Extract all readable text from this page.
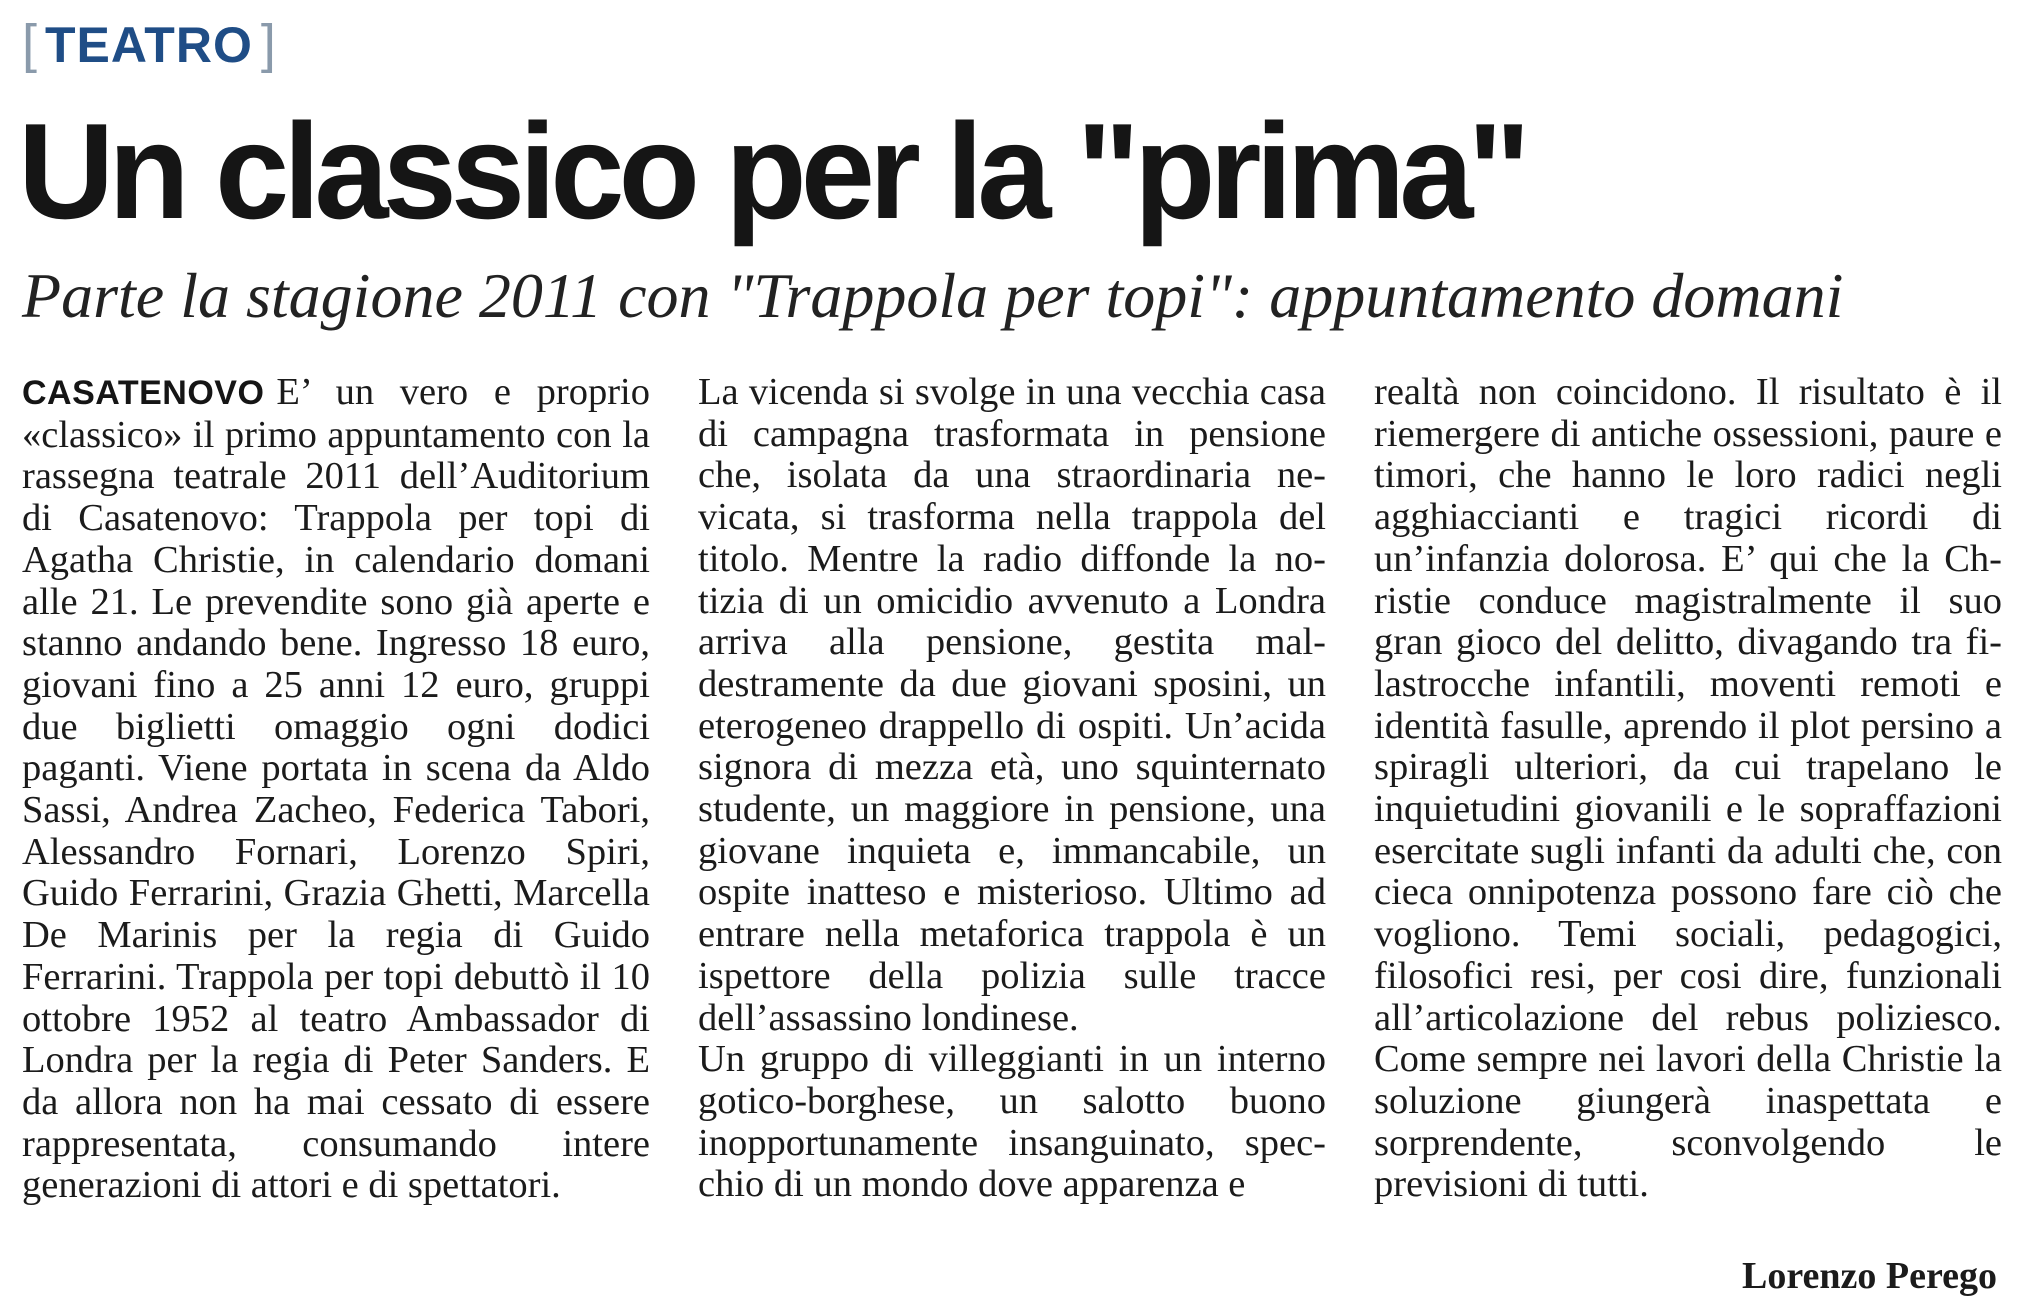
[ TEATRO ]
Un classico per la "prima"
Parte la stagione 2011 con "Trappola per topi": appuntamento domani

CASATENOVO E’ un vero e proprio «classico» il primo appuntamento con la rassegna teatrale 2011 dell’Auditorium di Casatenovo: Trappola per topi di Agatha Christie, in calendario domani alle 21. Le prevendite sono già aperte e stanno andando bene. Ingresso 18 euro, giovani fino a 25 anni 12 euro, gruppi due biglietti omaggio ogni dodici paganti. Viene portata in scena da Aldo Sassi, Andrea Zacheo, Federica Tabori, Alessandro Fornari, Lorenzo Spiri, Guido Ferrarini, Grazia Ghetti, Marcella De Marinis per la regia di Guido Ferrarini. Trappola per topi debuttò il 10 ottobre 1952 al teatro Ambassador di Londra per la regia di Peter Sanders. E da allora non ha mai cessato di essere rappresentata, consumando intere generazioni di attori e di spettatori.

La vicenda si svolge in una vecchia casa di campagna trasformata in pensione che, isolata da una straordinaria nevicata, si trasforma nella trappola del titolo. Mentre la radio diffonde la notizia di un omicidio avvenuto a Londra arriva alla pensione, gestita maldestramente da due giovani sposini, un eterogeneo drappello di ospiti. Un’acida signora di mezza età, uno squinternato studente, un maggiore in pensione, una giovane inquieta e, immancabile, un ospite inatteso e misterioso. Ultimo ad entrare nella metaforica trappola è un ispettore della polizia sulle tracce dell’assassino londinese.

Un gruppo di villeggianti in un interno gotico-borghese, un salotto buono inopportunamente insanguinato, specchio di un mondo dove apparenza e

realtà non coincidono. Il risultato è il riemergere di antiche ossessioni, paure e timori, che hanno le loro radici negli agghiaccianti e tragici ricordi di un’infanzia dolorosa. E’ qui che la Christie conduce magistralmente il suo gran gioco del delitto, divagando tra filastrocche infantili, moventi remoti e identità fasulle, aprendo il plot persino a spiragli ulteriori, da cui trapelano le inquietudini giovanili e le sopraffazioni esercitate sugli infanti da adulti che, con cieca onnipotenza possono fare ciò che vogliono. Temi sociali, pedagogici, filosofici resi, per cosi dire, funzionali all’articolazione del rebus poliziesco. Come sempre nei lavori della Christie la soluzione giungerà inaspettata e sorprendente, sconvolgendo le previsioni di tutti.

Lorenzo Perego
